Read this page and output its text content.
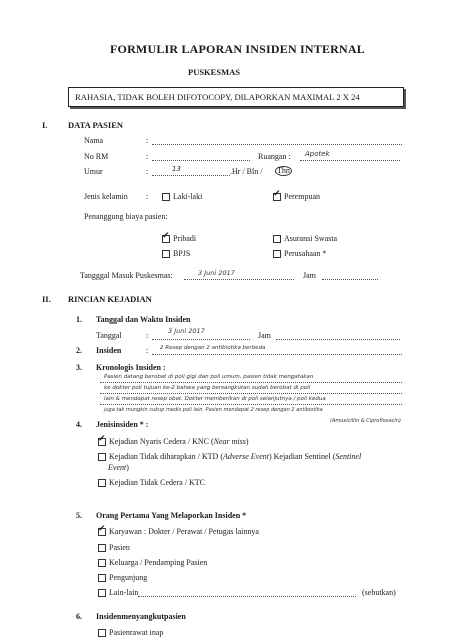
FORMULIR LAPORAN INSIDEN INTERNAL
PUSKESMAS
RAHASIA, TIDAK BOLEH DIFOTOCOPY, DILAPORKAN MAXIMAL 2 X 24
I. DATA PASIEN
Nama	:
No RM	:	Ruangan : Apotek
Umur	:	13	.Hr / Bln / Thn
Jenis kelamin :	Laki-laki
✔	Perempuan
Penanggung biaya pasien:
✔Pribadi	Asuransi Swasta
BPJS	Perusahaan *
Tangggal Masuk Puskesmas:	3 Juni 2017	Jam
II. RINCIAN KEJADIAN
1. Tanggal dan Waktu Insiden
Tanggal	:	3 Juni 2017	Jam
2. Insiden	: 2 Resep dengan 2 antibiotika berbeda
3. Kronologis Insiden :
Pasien datang berobat di poli gigi dan poli umum, pasien tidak mengatakan
ke dokter poli tujuan ke-2 bahwa yang bersangkutan sudah berobat di poli
lain & mendapat resep obat. Dokter memberikan di poli selanjutnya / poli kedua
juga tak mungkin cukup medis poli lain. Pasien mendapat 2 resep dengan 2 antibiotika
(Amoxicillin & Ciprofloxacin)
4. Jenisinsiden * :
✔Kejadian Nyaris Cedera / KNC (Near miss)
Kejadian Tidak diharapkan / KTD (Adverse Event) Kejadian Sentinel (Sentinel
Event)
Kejadian Tidak Cedera / KTC
5. Orang Pertama Yang Melaporkan Insiden *
✔Karyawan : Dokter / Perawat / Petugas lainnya
Pasien
Keluarga / Pendamping Pasien
Pengunjung
Lain-lain	(sebutkan)
6. Insidenmenyangkutpasien
Pasienrawat inap
